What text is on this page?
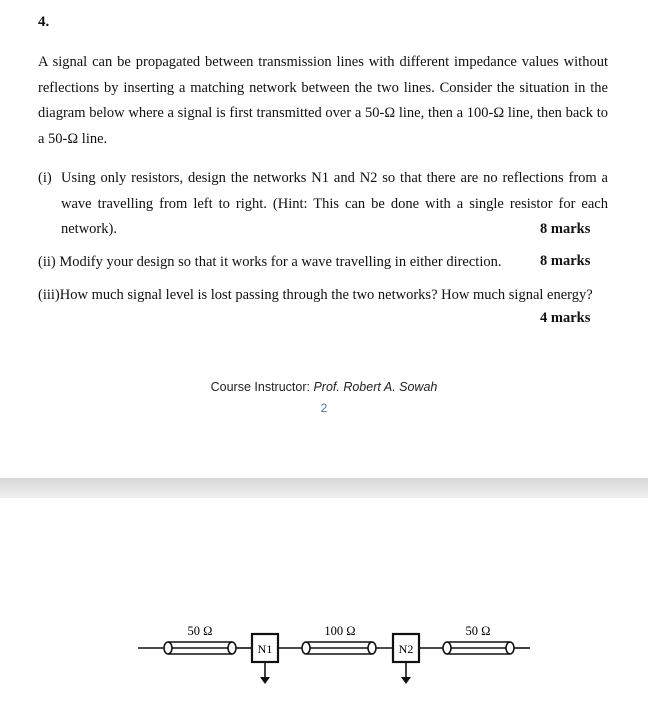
4.
A signal can be propagated between transmission lines with different impedance values without reflections by inserting a matching network between the two lines. Consider the situation in the diagram below where a signal is first transmitted over a 50-Ω line, then a 100-Ω line, then back to a 50-Ω line.
(i) Using only resistors, design the networks N1 and N2 so that there are no reflections from a wave travelling from left to right. (Hint: This can be done with a single resistor for each network).	8 marks
(ii) Modify your design so that it works for a wave travelling in either direction.	8 marks
(iii)How much signal level is lost passing through the two networks? How much signal energy?
4 marks
Course Instructor: Prof. Robert A. Sowah
2
50 Ω	100 Ω	50 Ω
N1	N2
